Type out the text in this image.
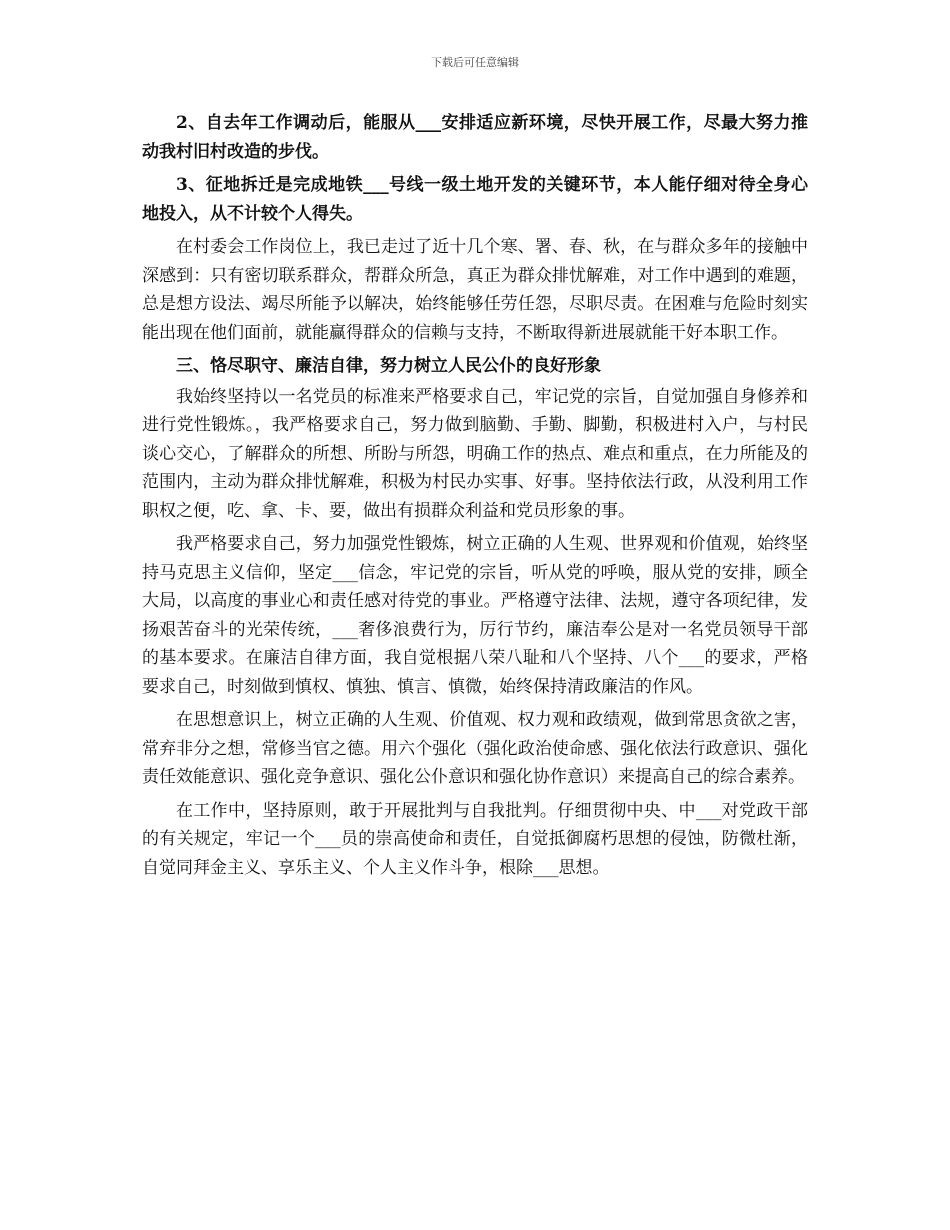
下载后可任意编辑

2、自去年工作调动后，能服从___安排适应新环境，尽快开展工作，尽最大努力推动我村旧村改造的步伐。

3、征地拆迁是完成地铁___号线一级土地开发的关键环节，本人能仔细对待全身心地投入，从不计较个人得失。

在村委会工作岗位上，我已走过了近十几个寒、署、春、秋，在与群众多年的接触中深感到：只有密切联系群众，帮群众所急，真正为群众排忧解难，对工作中遇到的难题，总是想方设法、竭尽所能予以解决，始终能够任劳任怨，尽职尽责。在困难与危险时刻实能出现在他们面前，就能赢得群众的信赖与支持，不断取得新进展就能干好本职工作。

三、恪尽职守、廉洁自律，努力树立人民公仆的良好形象

我始终坚持以一名党员的标准来严格要求自己，牢记党的宗旨，自觉加强自身修养和进行党性锻炼。，我严格要求自己，努力做到脑勤、手勤、脚勤，积极进村入户，与村民谈心交心，了解群众的所想、所盼与所怨，明确工作的热点、难点和重点，在力所能及的范围内，主动为群众排忧解难，积极为村民办实事、好事。坚持依法行政，从没利用工作职权之便，吃、拿、卡、要，做出有损群众利益和党员形象的事。

我严格要求自己，努力加强党性锻炼，树立正确的人生观、世界观和价值观，始终坚持马克思主义信仰，坚定___信念，牢记党的宗旨，听从党的呼唤，服从党的安排，顾全大局，以高度的事业心和责任感对待党的事业。严格遵守法律、法规，遵守各项纪律，发扬艰苦奋斗的光荣传统，___奢侈浪费行为，厉行节约，廉洁奉公是对一名党员领导干部的基本要求。在廉洁自律方面，我自觉根据八荣八耻和八个坚持、八个___的要求，严格要求自己，时刻做到慎权、慎独、慎言、慎微，始终保持清政廉洁的作风。

在思想意识上，树立正确的人生观、价值观、权力观和政绩观，做到常思贪欲之害，常弃非分之想，常修当官之德。用六个强化（强化政治使命感、强化依法行政意识、强化责任效能意识、强化竞争意识、强化公仆意识和强化协作意识）来提高自己的综合素养。

在工作中，坚持原则，敢于开展批判与自我批判。仔细贯彻中央、中___对党政干部的有关规定，牢记一个___员的崇高使命和责任，自觉抵御腐朽思想的侵蚀，防微杜渐，自觉同拜金主义、享乐主义、个人主义作斗争，根除___思想。
